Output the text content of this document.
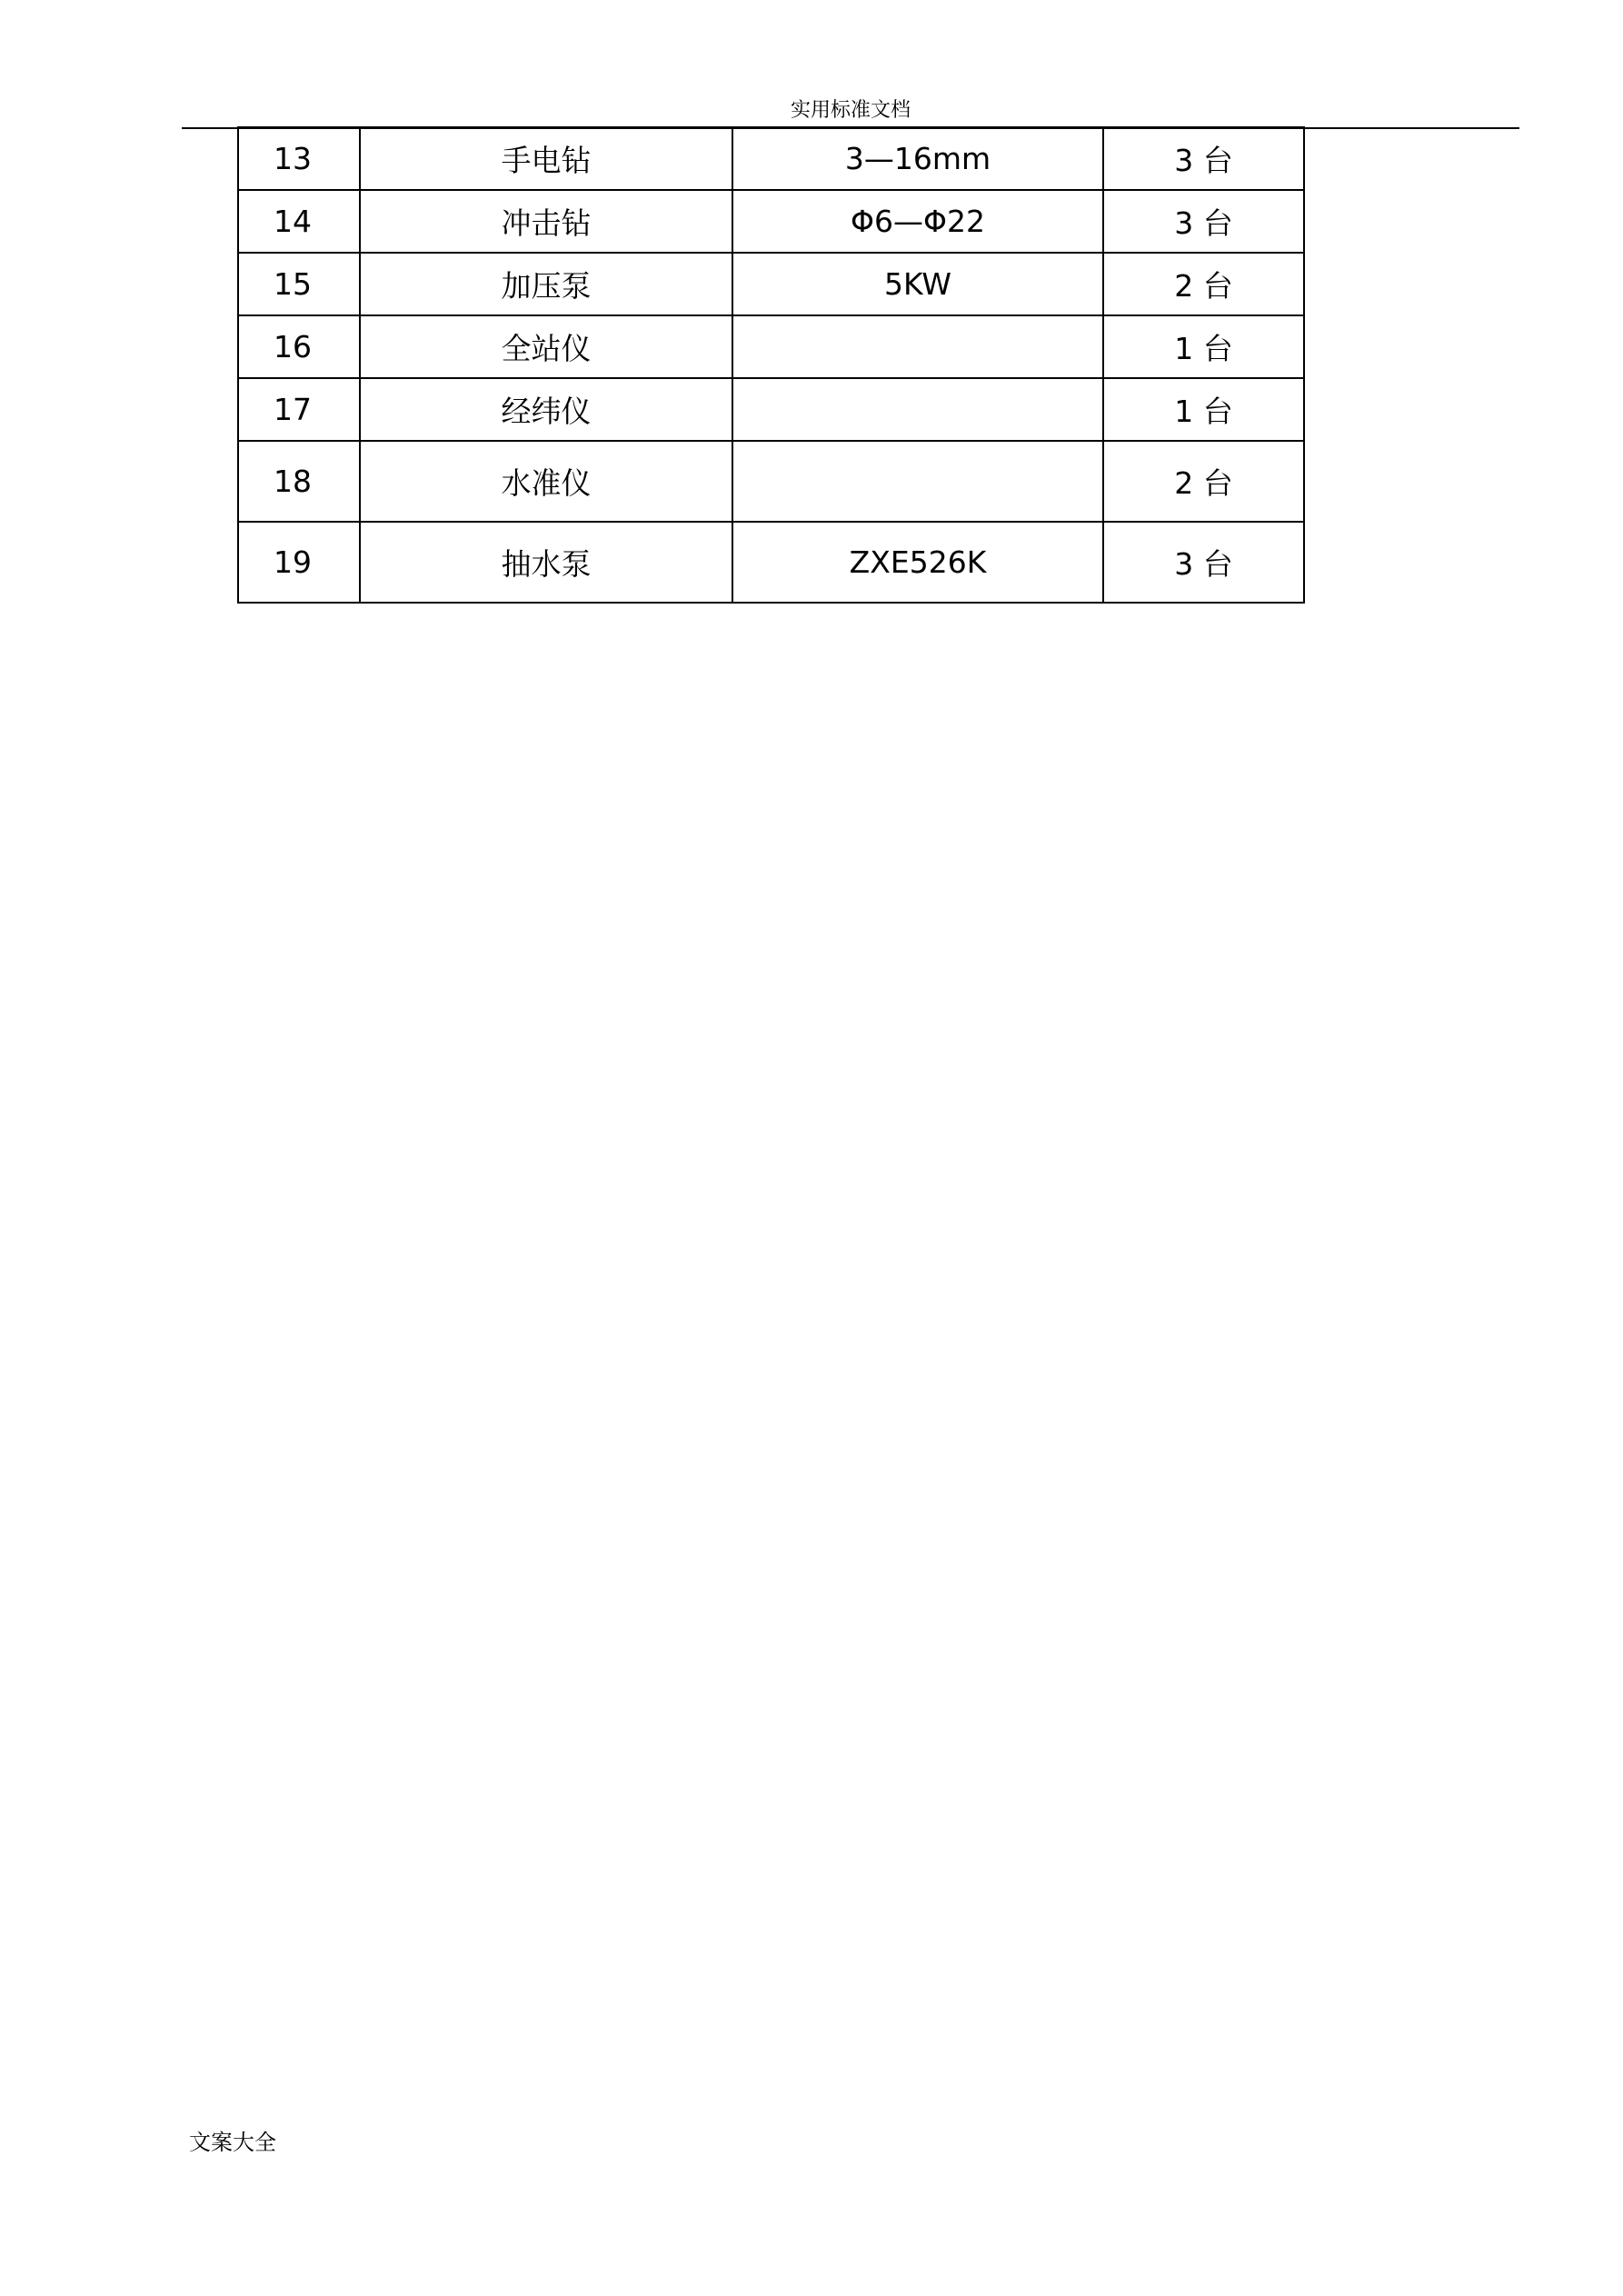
实用标准文档
13	手电钻	3—16mm	3 台
14	冲击钻	Φ6—Φ22	3 台
15	加压泵	5KW	2 台
16	全站仪		1 台
17	经纬仪		1 台
18	水准仪		2 台
19	抽水泵	ZXE526K	3 台
文案大全
